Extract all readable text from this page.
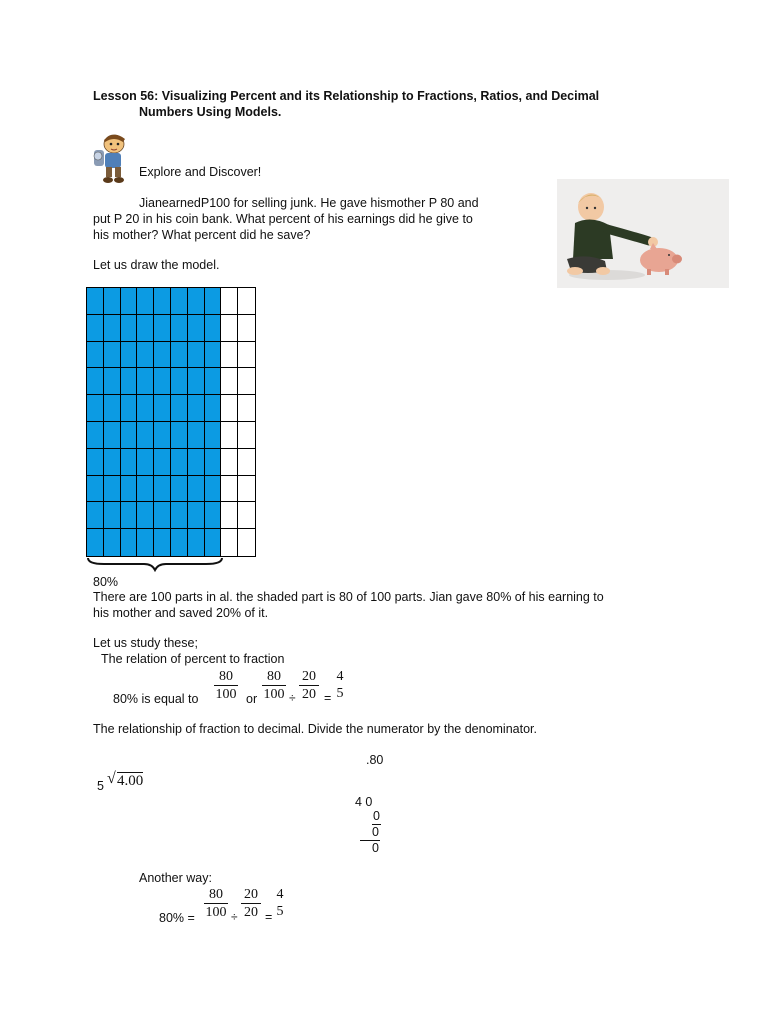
Lesson 56: Visualizing Percent and its Relationship to Fractions, Ratios, and Decimal
Numbers Using Models.
Explore and Discover!
JianearnedP100 for selling junk. He gave hismother P 80 and
put P 20 in his coin bank. What percent of his earnings did he give to
his mother? What percent did he save?
Let us draw the model.
80%
There are 100 parts in al. the shaded part is 80 of 100 parts. Jian gave 80% of his earning to
his mother and saved 20% of it.
Let us study these;
The relation of percent to fraction
80% is equal to $\frac{80}{100}$ or $\frac{80}{100} \div \frac{20}{20}$ =
4
5
The relationship of fraction to decimal. Divide the numerator by the denominator.
.80
5 √ 4.00
4 0
0
0
0
Another way:
$80\% = \frac{80}{100} \div \frac{20}{20}$ =
4
5
